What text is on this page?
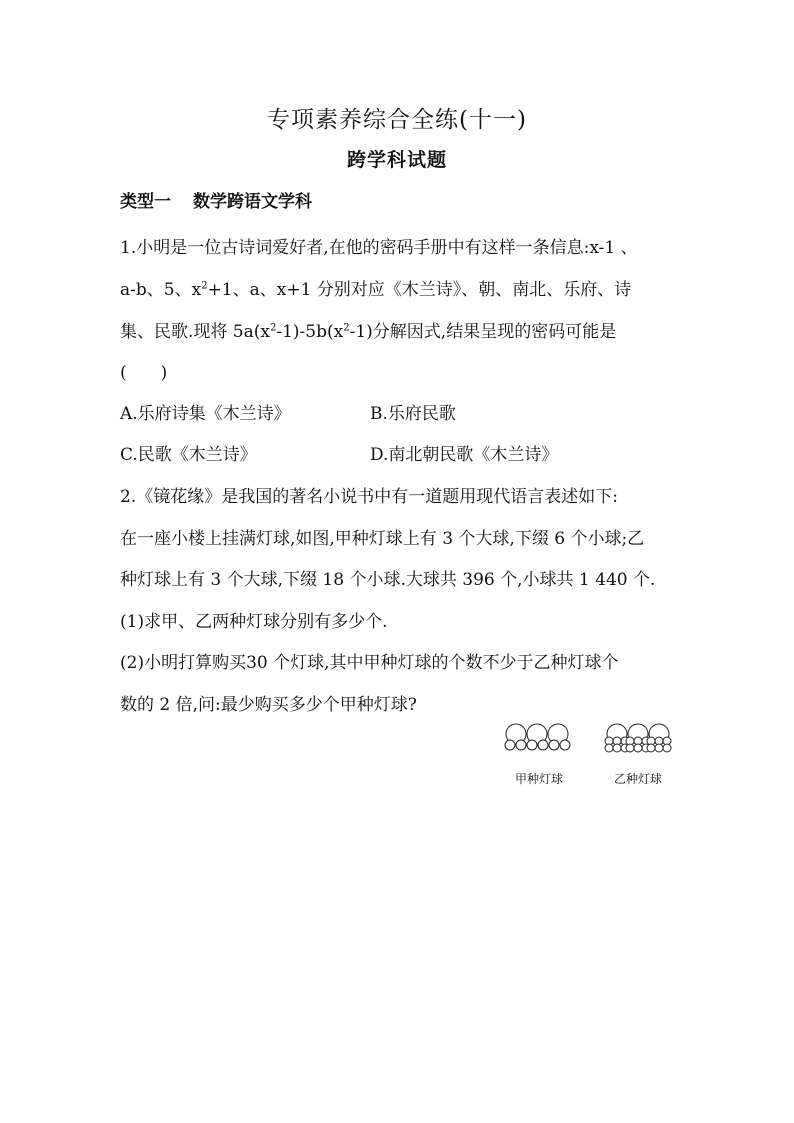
专项素养综合全练(十一)
跨学科试题
类型一 数学跨语文学科
1.小明是一位古诗词爱好者,在他的密码手册中有这样一条信息:x-1 、
a-b、5、$x^2+1$、a、x+1 分别对应《木兰诗》、朝、南北、乐府、诗
集、民歌.现将 $5a(x^2-1)-5b(x^2-1)$分解因式,结果呈现的密码可能是
(　　)
A.乐府诗集《木兰诗》	B.乐府民歌
C.民歌《木兰诗》	D.南北朝民歌《木兰诗》
2.《镜花缘》是我国的著名小说书中有一道题用现代语言表述如下:
在一座小楼上挂满灯球,如图,甲种灯球上有 3 个大球,下缀 6 个小球;乙
种灯球上有 3 个大球,下缀 18 个小球.大球共 396 个,小球共 1 440 个.
(1)求甲、乙两种灯球分别有多少个.
(2)小明打算购买30 个灯球,其中甲种灯球的个数不少于乙种灯球个
数的 2 倍,问:最少购买多少个甲种灯球?
甲种灯球	乙种灯球
